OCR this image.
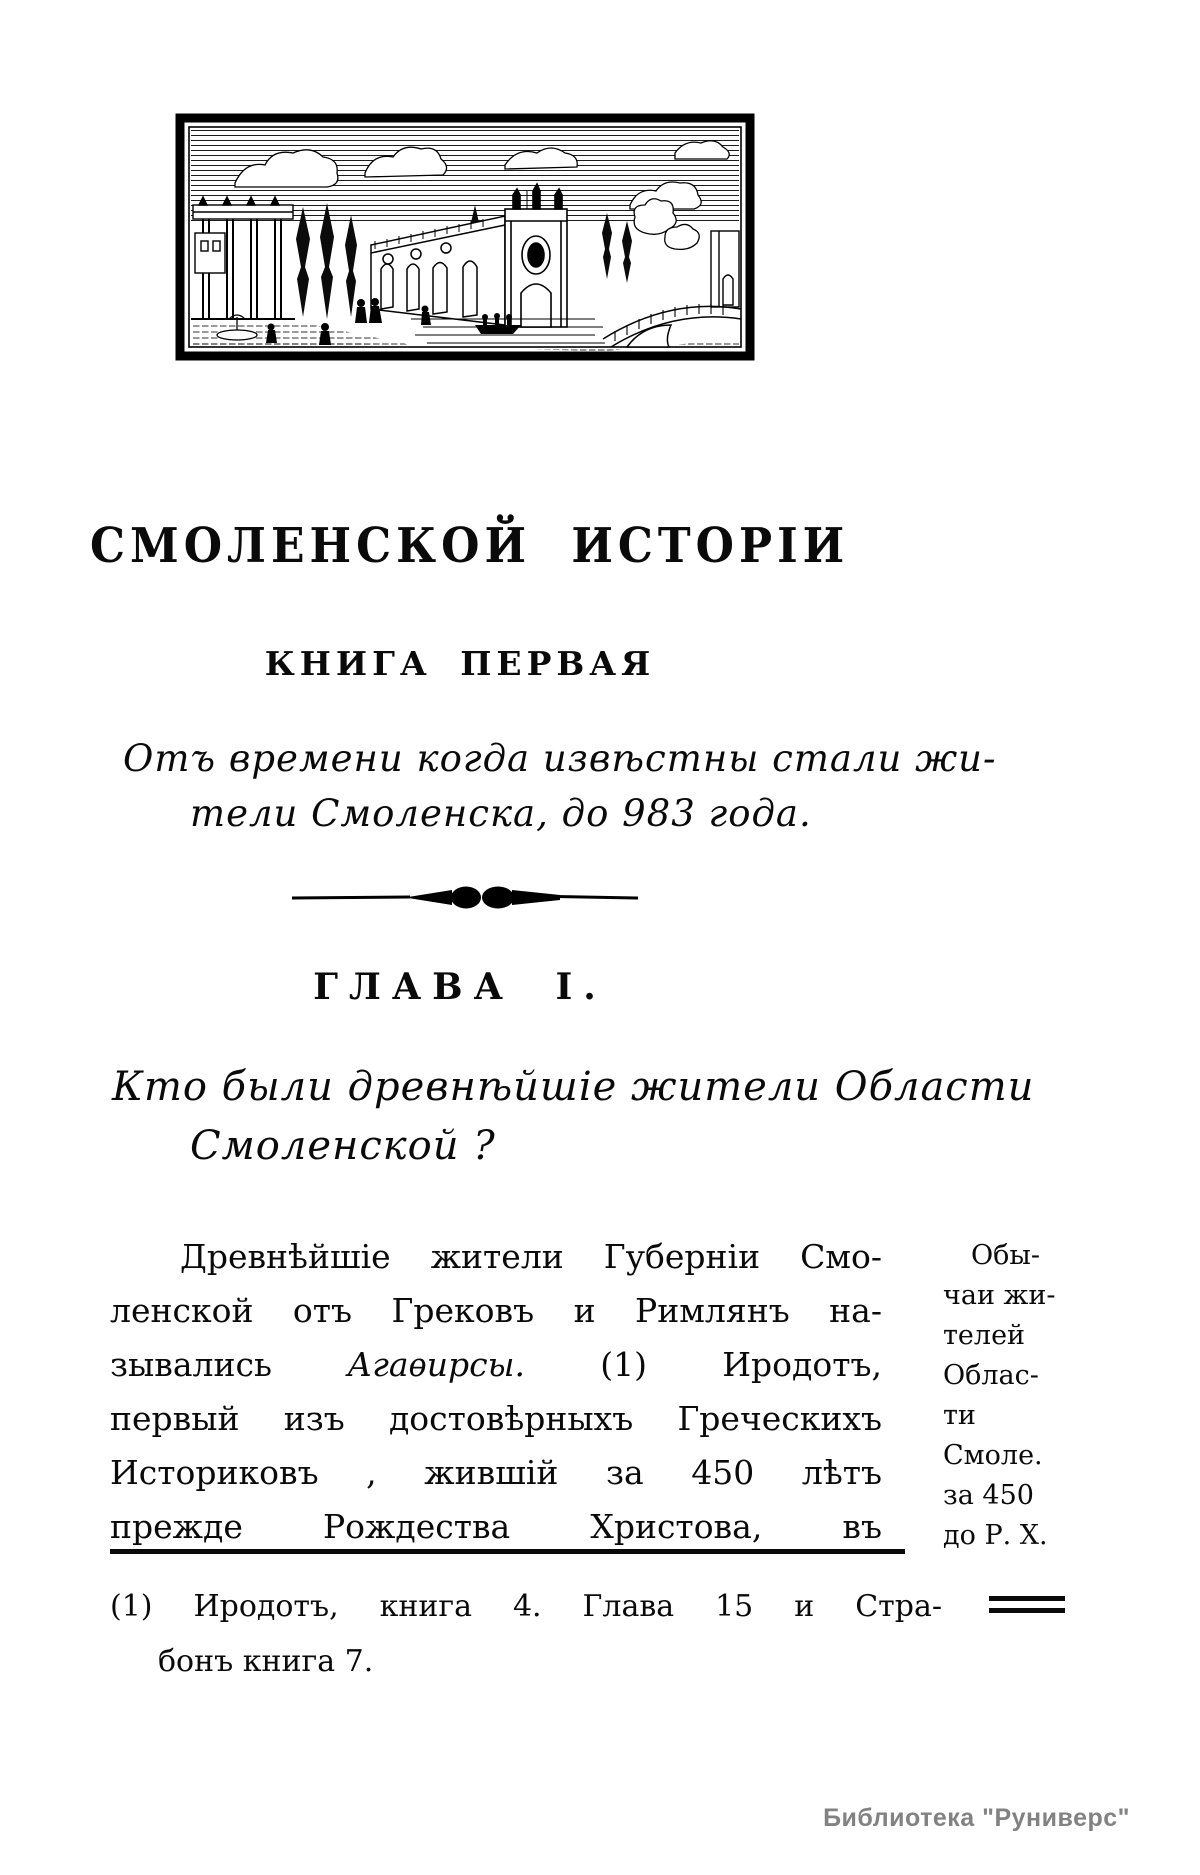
СМОЛЕНСКОЙ ИСТОРІИ
КНИГА ПЕРВАЯ
Отъ времени когда извѣстны стали жи-
тели Смоленска, до 983 года.
ГЛАВА I.
Кто были древнѣйшіе жители Области
Смоленской ?
Древнѣйшіе жители Губерніи Смо-
ленской отъ Грековъ и Римлянъ на-
зывались Агаѳирсы. (1) Иродотъ,
первый изъ достовѣрныхъ Греческихъ
Историковъ , жившій за 450 лѣтъ
прежде Рождества Христова, въ
Обы-
чаи жи-
телей
Облас-
ти
Смоле.
за 450
до Р. Х.
(1) Иродотъ, книга 4. Глава 15 и Стра-
бонъ книга 7.
Библиотека "Руниверс"
